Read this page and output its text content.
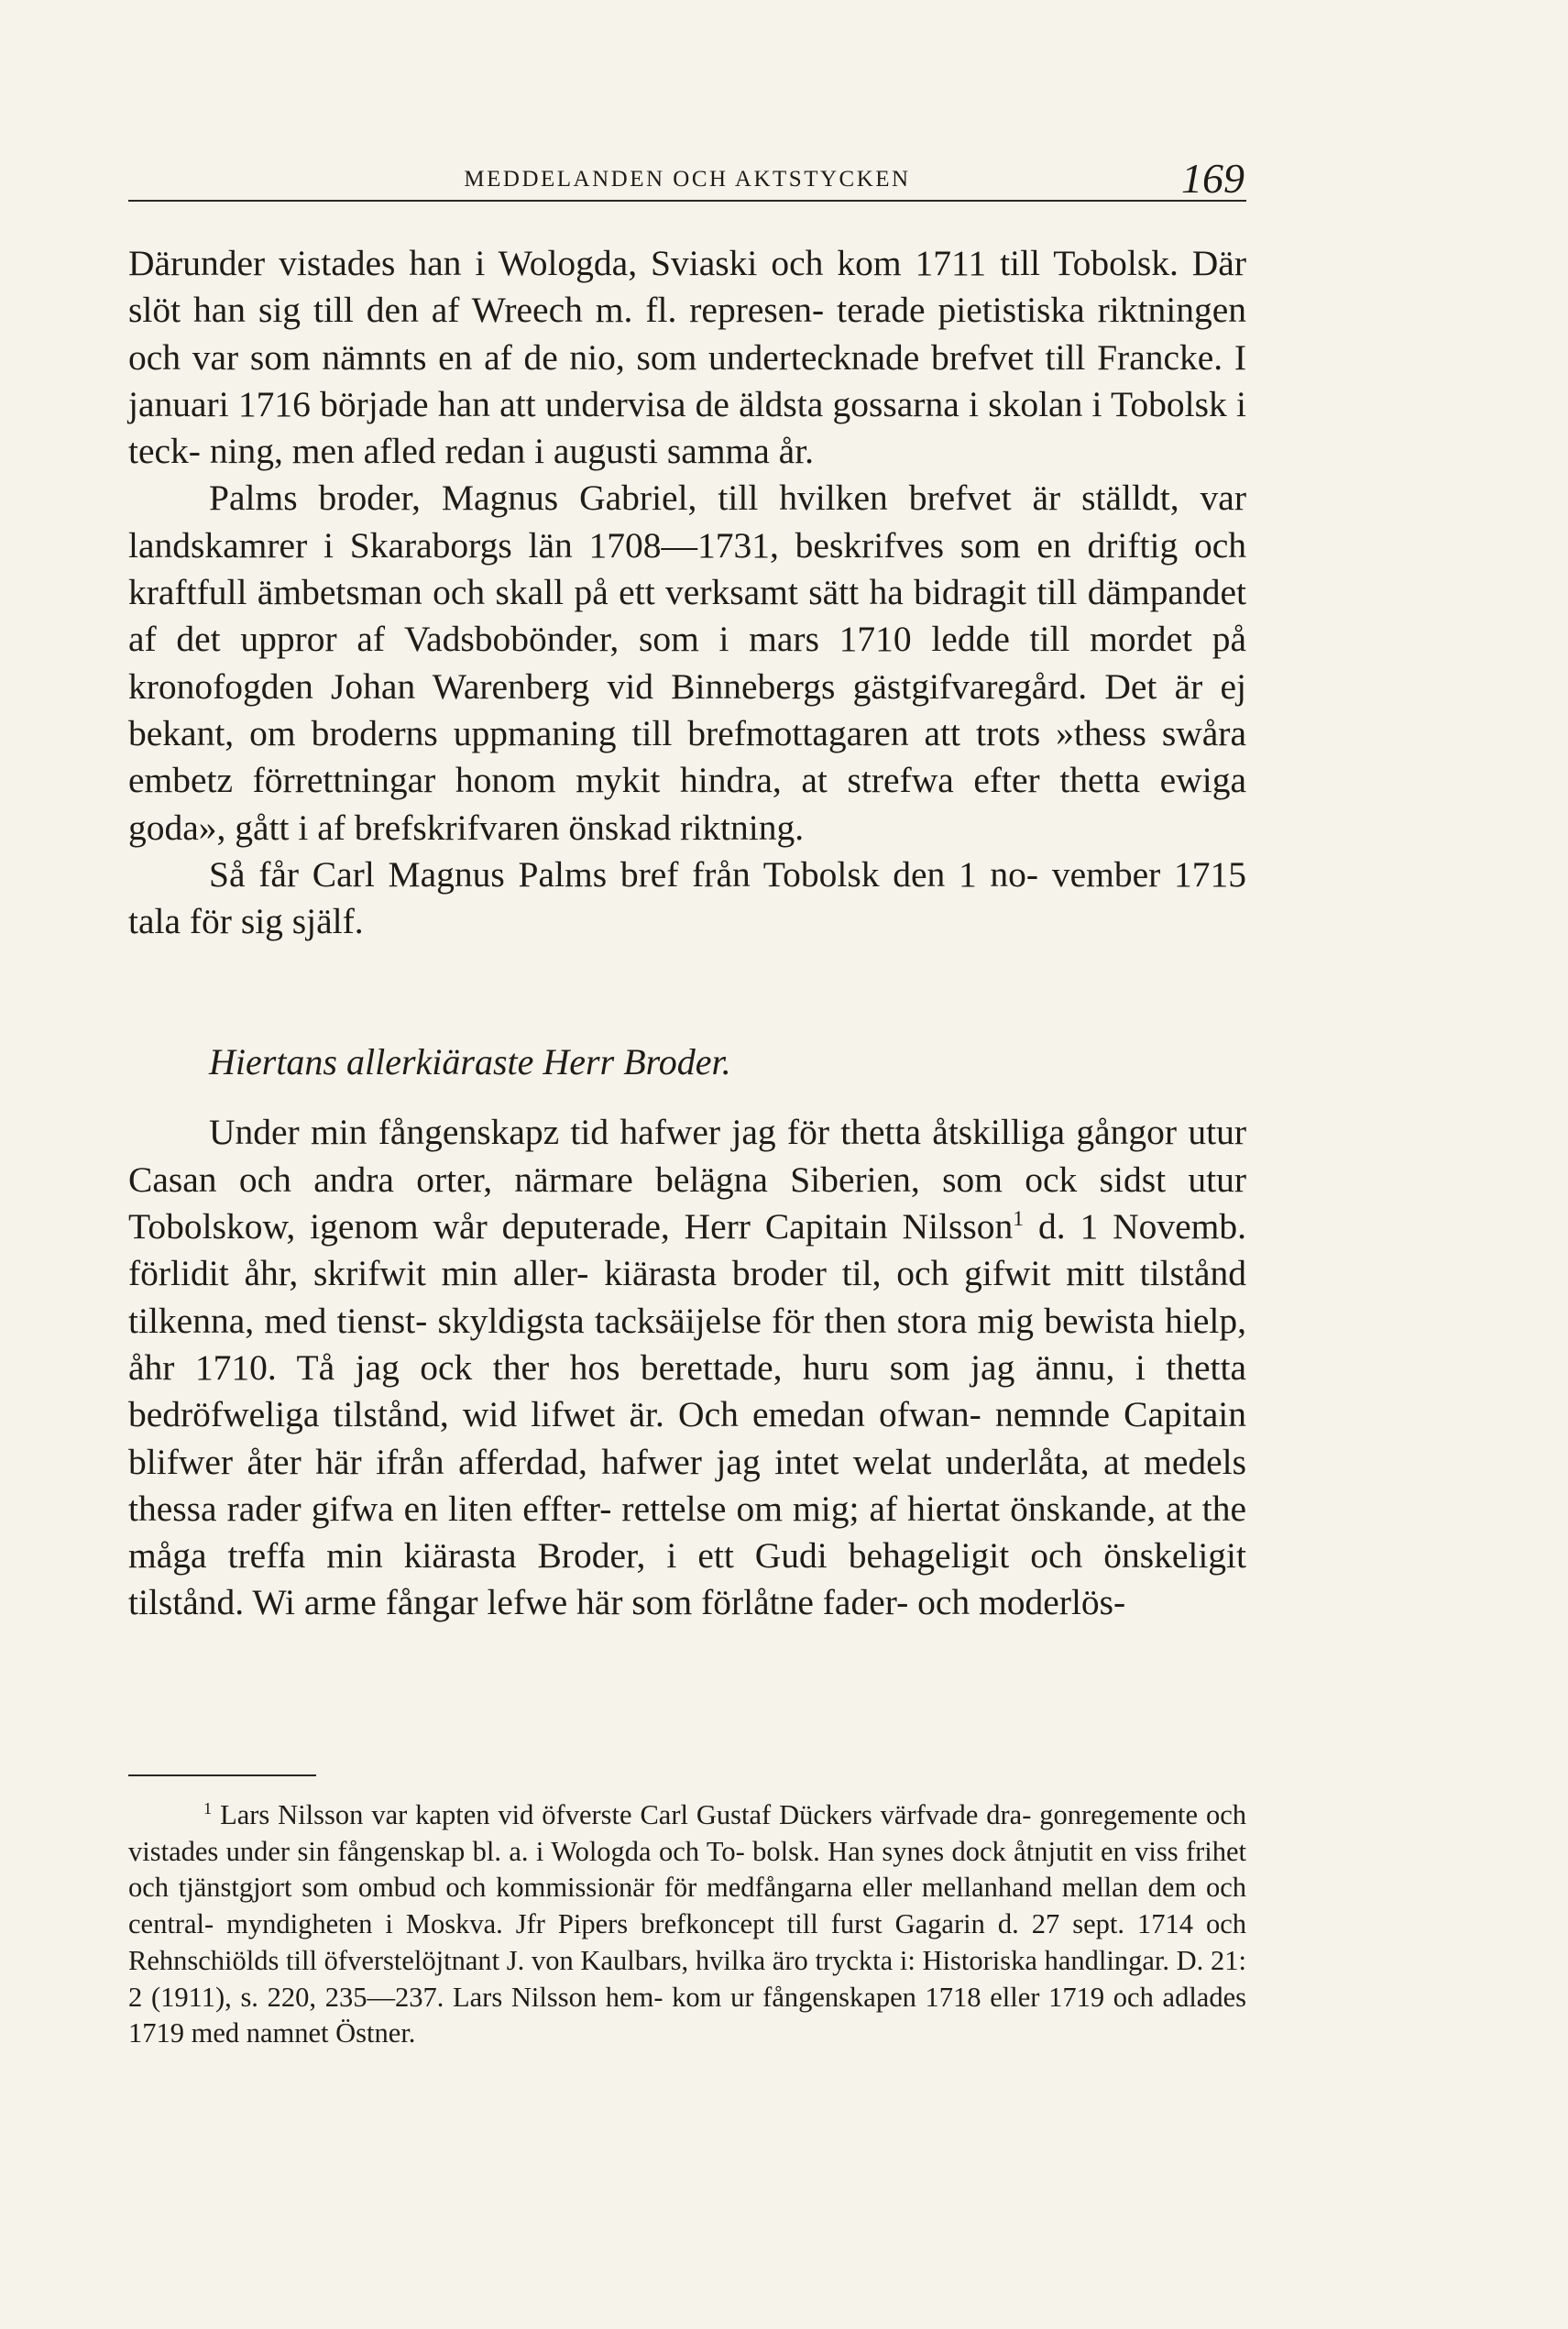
MEDDELANDEN OCH AKTSTYCKEN	169

Därunder vistades han i Wologda, Sviaski och kom 1711 till Tobolsk. Där slöt han sig till den af Wreech m. fl. represen- terade pietistiska riktningen och var som nämnts en af de nio, som undertecknade brefvet till Francke. I januari 1716 började han att undervisa de äldsta gossarna i skolan i Tobolsk i teck- ning, men afled redan i augusti samma år.

Palms broder, Magnus Gabriel, till hvilken brefvet är ställdt, var landskamrer i Skaraborgs län 1708—1731, beskrifves som en driftig och kraftfull ämbetsman och skall på ett verksamt sätt ha bidragit till dämpandet af det uppror af Vadsbobönder, som i mars 1710 ledde till mordet på kronofogden Johan Warenberg vid Binnebergs gästgifvaregård. Det är ej bekant, om broderns uppmaning till brefmottagaren att trots »thess swåra embetz förrettningar honom mykit hindra, at strefwa efter thetta ewiga goda», gått i af brefskrifvaren önskad riktning.

Så får Carl Magnus Palms bref från Tobolsk den 1 no- vember 1715 tala för sig själf.

Hiertans allerkiäraste Herr Broder.

Under min fångenskapz tid hafwer jag för thetta åtskilliga gångor utur Casan och andra orter, närmare belägna Siberien, som ock sidst utur Tobolskow, igenom wår deputerade, Herr Capitain Nilsson$^1$ d. 1 Novemb. förlidit åhr, skrifwit min aller- kiärasta broder til, och gifwit mitt tilstånd tilkenna, med tienst- skyldigsta tacksäijelse för then stora mig bewista hielp, åhr 1710. Tå jag ock ther hos berettade, huru som jag ännu, i thetta bedröfweliga tilstånd, wid lifwet är. Och emedan ofwan- nemnde Capitain blifwer åter här ifrån afferdad, hafwer jag intet welat underlåta, at medels thessa rader gifwa en liten effter- rettelse om mig; af hiertat önskande, at the måga treffa min kiärasta Broder, i ett Gudi behageligit och önskeligit tilstånd. Wi arme fångar lefwe här som förlåtne fader- och moderlös-

$^1$ Lars Nilsson var kapten vid öfverste Carl Gustaf Dückers värfvade dra- gonregemente och vistades under sin fångenskap bl. a. i Wologda och To- bolsk. Han synes dock åtnjutit en viss frihet och tjänstgjort som ombud och kommissionär för medfångarna eller mellanhand mellan dem och central- myndigheten i Moskva. Jfr Pipers brefkoncept till furst Gagarin d. 27 sept. 1714 och Rehnschiölds till öfverstelöjtnant J. von Kaulbars, hvilka äro tryckta i: Historiska handlingar. D. 21: 2 (1911), s. 220, 235—237. Lars Nilsson hem- kom ur fångenskapen 1718 eller 1719 och adlades 1719 med namnet Östner.
